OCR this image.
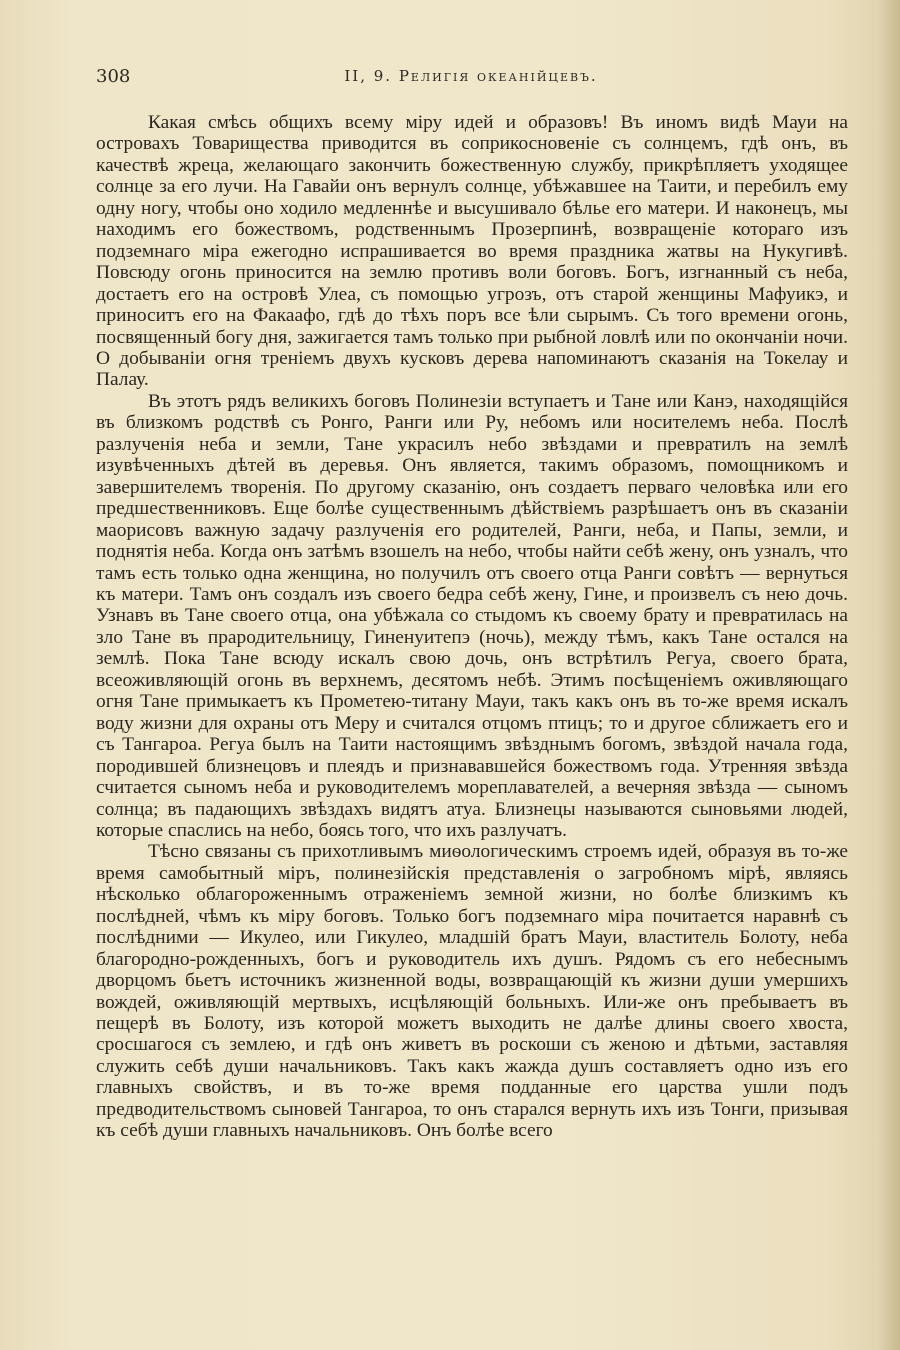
308	II, 9. Религія океанійцевъ.

Какая смѣсь общихъ всему міру идей и образовъ! Въ иномъ видѣ Мауи на островахъ Товарищества приводится въ соприкосновеніе съ солнцемъ, гдѣ онъ, въ качествѣ жреца, желающаго закончить божественную службу, прикрѣпляетъ уходящее солнце за его лучи. На Гавайи онъ вернулъ солнце, убѣжавшее на Таити, и перебилъ ему одну ногу, чтобы оно ходило медленнѣе и высушивало бѣлье его матери. И наконецъ, мы находимъ его божествомъ, родственнымъ Прозерпинѣ, возвращеніе котораго изъ подземнаго міра ежегодно испрашивается во время праздника жатвы на Нукугивѣ. Повсюду огонь приносится на землю противъ воли боговъ. Богъ, изгнанный съ неба, достаетъ его на островѣ Улеа, съ помощью угрозъ, отъ старой женщины Мафуикэ, и приноситъ его на Факаафо, гдѣ до тѣхъ поръ все ѣли сырымъ. Съ того времени огонь, посвященный богу дня, зажигается тамъ только при рыбной ловлѣ или по окончаніи ночи. О добываніи огня треніемъ двухъ кусковъ дерева напоминаютъ сказанія на Токелау и Палау.

Въ этотъ рядъ великихъ боговъ Полинезіи вступаетъ и Тане или Канэ, находящійся въ близкомъ родствѣ съ Ронго, Ранги или Ру, небомъ или носителемъ неба. Послѣ разлученія неба и земли, Тане украсилъ небо звѣздами и превратилъ на землѣ изувѣченныхъ дѣтей въ деревья. Онъ является, такимъ образомъ, помощникомъ и завершителемъ творенія. По другому сказанію, онъ создаетъ перваго человѣка или его предшественниковъ. Еще болѣе существеннымъ дѣйствіемъ разрѣшаетъ онъ въ сказаніи маорисовъ важную задачу разлученія его родителей, Ранги, неба, и Папы, земли, и поднятія неба. Когда онъ затѣмъ взошелъ на небо, чтобы найти себѣ жену, онъ узналъ, что тамъ есть только одна женщина, но получилъ отъ своего отца Ранги совѣтъ — вернуться къ матери. Тамъ онъ создалъ изъ своего бедра себѣ жену, Гине, и произвелъ съ нею дочь. Узнавъ въ Тане своего отца, она убѣжала со стыдомъ къ своему брату и превратилась на зло Тане въ прародительницу, Гиненуитепэ (ночь), между тѣмъ, какъ Тане остался на землѣ. Пока Тане всюду искалъ свою дочь, онъ встрѣтилъ Регуа, своего брата, всеоживляющій огонь въ верхнемъ, десятомъ небѣ. Этимъ посѣщеніемъ оживляющаго огня Тане примыкаетъ къ Прометею-титану Мауи, такъ какъ онъ въ то-же время искалъ воду жизни для охраны отъ Меру и считался отцомъ птицъ; то и другое сближаетъ его и съ Тангароа. Регуа былъ на Таити настоящимъ звѣзднымъ богомъ, звѣздой начала года, породившей близнецовъ и плеядъ и признававшейся божествомъ года. Утренняя звѣзда считается сыномъ неба и руководителемъ мореплавателей, а вечерняя звѣзда — сыномъ солнца; въ падающихъ звѣздахъ видятъ атуа. Близнецы называются сыновьями людей, которые спаслись на небо, боясь того, что ихъ разлучатъ.

Тѣсно связаны съ прихотливымъ миѳологическимъ строемъ идей, образуя въ то-же время самобытный міръ, полинезійскія представленія о загробномъ мірѣ, являясь нѣсколько облагороженнымъ отраженіемъ земной жизни, но болѣе близкимъ къ послѣдней, чѣмъ къ міру боговъ. Только богъ подземнаго міра почитается наравнѣ съ послѣдними — Икулео, или Гикулео, младшій братъ Мауи, властитель Болоту, неба благородно-рожденныхъ, богъ и руководитель ихъ душъ. Рядомъ съ его небеснымъ дворцомъ бьетъ источникъ жизненной воды, возвращающій къ жизни души умершихъ вождей, оживляющій мертвыхъ, исцѣляющій больныхъ. Или-же онъ пребываетъ въ пещерѣ въ Болоту, изъ которой можетъ выходить не далѣе длины своего хвоста, сросшагося съ землею, и гдѣ онъ живетъ въ роскоши съ женою и дѣтьми, заставляя служить себѣ души начальниковъ. Такъ какъ жажда душъ составляетъ одно изъ его главныхъ свойствъ, и въ то-же время подданные его царства ушли подъ предводительствомъ сыновей Тангароа, то онъ старался вернуть ихъ изъ Тонги, призывая къ себѣ души главныхъ начальниковъ. Онъ болѣе всего
